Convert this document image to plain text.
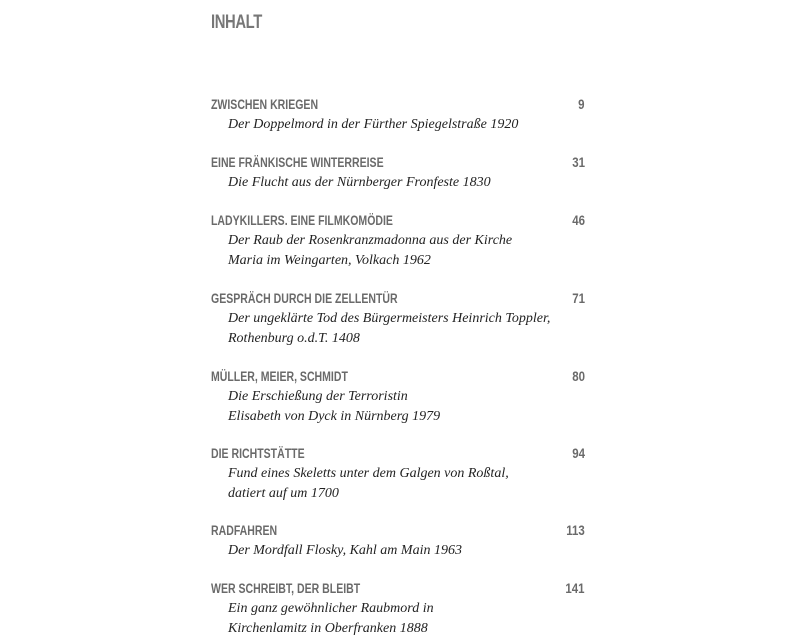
INHALT
ZWISCHEN KRIEGEN	9
Der Doppelmord in der Fürther Spiegelstraße 1920
EINE FRÄNKISCHE WINTERREISE	31
Die Flucht aus der Nürnberger Fronfeste 1830
LADYKILLERS. EINE FILMKOMÖDIE	46
Der Raub der Rosenkranzmadonna aus der Kirche
Maria im Weingarten, Volkach 1962
GESPRÄCH DURCH DIE ZELLENTÜR	71
Der ungeklärte Tod des Bürgermeisters Heinrich Toppler,
Rothenburg o.d.T. 1408
MÜLLER, MEIER, SCHMIDT	80
Die Erschießung der Terroristin
Elisabeth von Dyck in Nürnberg 1979
DIE RICHTSTÄTTE	94
Fund eines Skeletts unter dem Galgen von Roßtal,
datiert auf um 1700
RADFAHREN	113
Der Mordfall Flosky, Kahl am Main 1963
WER SCHREIBT, DER BLEIBT	141
Ein ganz gewöhnlicher Raubmord in
Kirchenlamitz in Oberfranken 1888
